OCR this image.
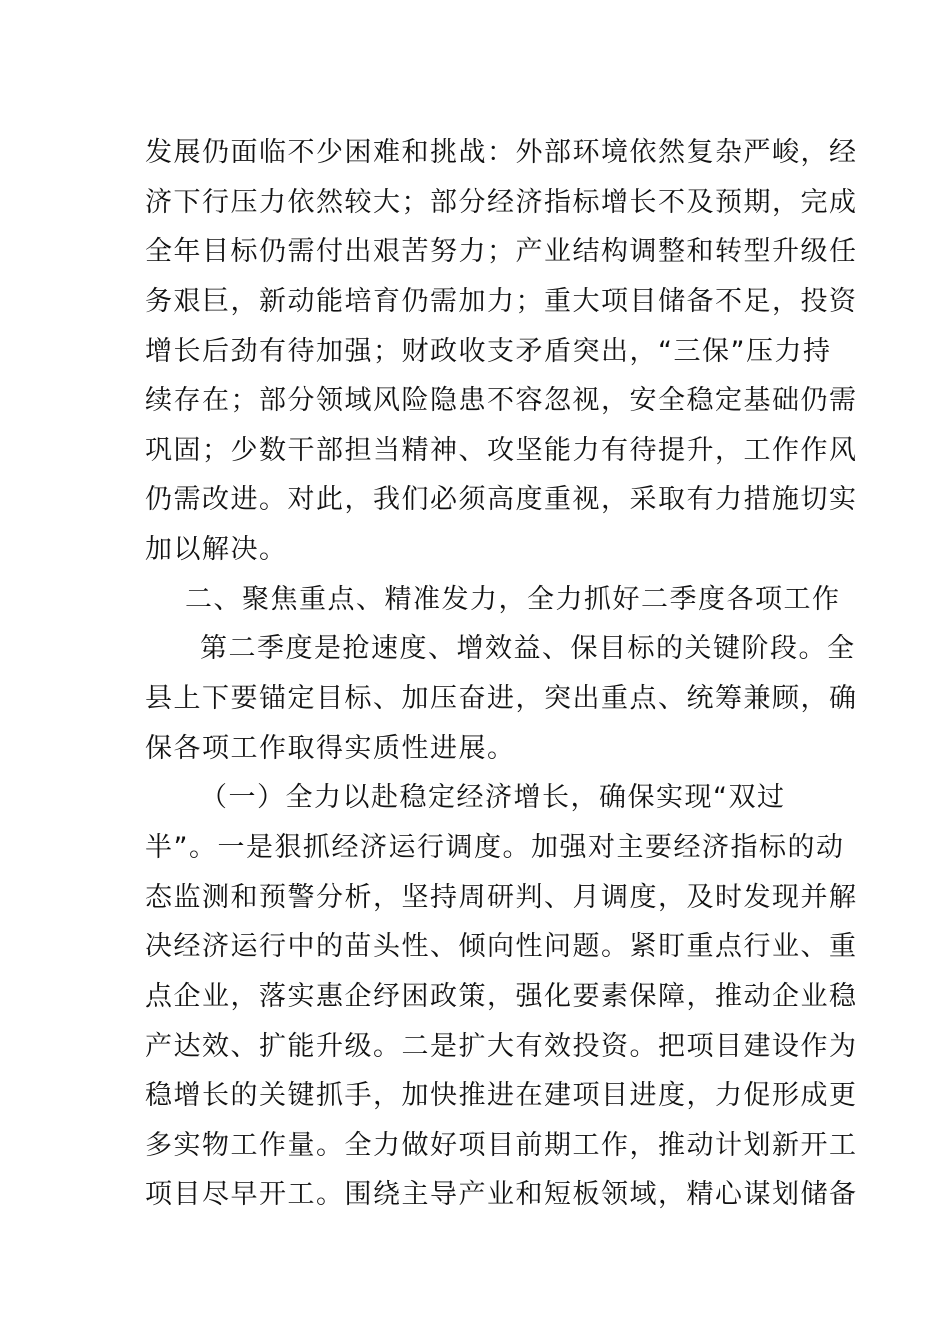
发展仍面临不少困难和挑战：外部环境依然复杂严峻，经
济下行压力依然较大；部分经济指标增长不及预期，完成
全年目标仍需付出艰苦努力；产业结构调整和转型升级任
务艰巨，新动能培育仍需加力；重大项目储备不足，投资
增长后劲有待加强；财政收支矛盾突出，“三保”压力持
续存在；部分领域风险隐患不容忽视，安全稳定基础仍需
巩固；少数干部担当精神、攻坚能力有待提升，工作作风
仍需改进。对此，我们必须高度重视，采取有力措施切实
加以解决。
二、聚焦重点、精准发力，全力抓好二季度各项工作
第二季度是抢速度、增效益、保目标的关键阶段。全
县上下要锚定目标、加压奋进，突出重点、统筹兼顾，确
保各项工作取得实质性进展。
（一）全力以赴稳定经济增长，确保实现“双过
半”。一是狠抓经济运行调度。加强对主要经济指标的动
态监测和预警分析，坚持周研判、月调度，及时发现并解
决经济运行中的苗头性、倾向性问题。紧盯重点行业、重
点企业，落实惠企纾困政策，强化要素保障，推动企业稳
产达效、扩能升级。二是扩大有效投资。把项目建设作为
稳增长的关键抓手，加快推进在建项目进度，力促形成更
多实物工作量。全力做好项目前期工作，推动计划新开工
项目尽早开工。围绕主导产业和短板领域，精心谋划储备
